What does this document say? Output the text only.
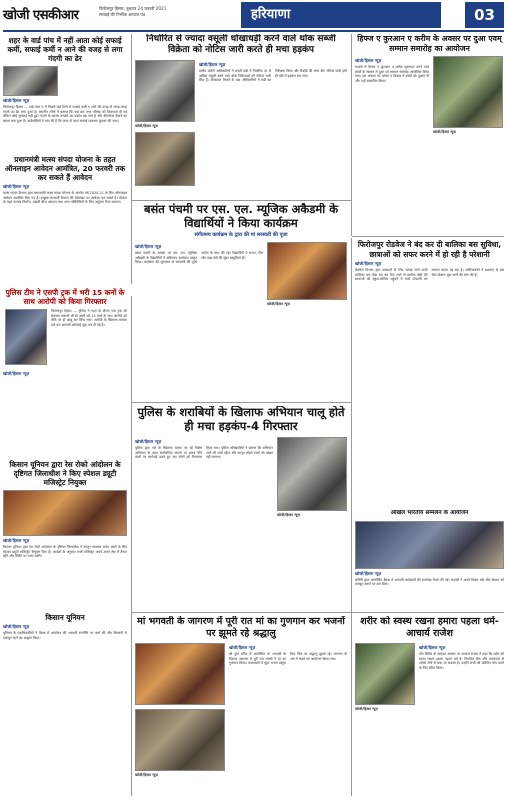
खोजी एसकीआर	फिरोजपुर हिसार, बुधवार 24 फरवरी 2021
सच्चाई की निर्भीक आवाज़ पत्र	हरियाणा	03
शहर के वार्ड पांच में नहीं आता कोई सफाई कर्मी, सफाई कर्मी न आने की वजह से लगा गंदगी का ढेर
खोजी/हिसार न्यूज़
फिरोजपुर हिसार — वार्ड नंबर 5 में पिछले कई दिनों से सफाई कर्मी न आने की वजह से जगह-जगह गंदगी का ढेर लगा हुआ है। स्थानीय लोगों ने बताया कि कई बार नगर परिषद को शिकायत दी गई लेकिन कोई सुनवाई नहीं हुई। गंदगी के कारण मच्छरों का प्रकोप बढ़ गया है और बीमारियां फैलने का खतरा बना हुआ है। वार्डवासियों ने मांग की है कि जल्द से जल्द सफाई व्यवस्था सुचारू की जाए।
प्रधानमंत्री मत्स्य संपदा योजना के तहत ऑनलाइन आवेदन आमंत्रित, 20 फरवरी तक कर सकते हैं आवेदन
खोजी/हिसार न्यूज़
मत्स्य पालन विभाग द्वारा प्रधानमंत्री मत्स्य संपदा योजना के अंतर्गत वर्ष 2020-21 के लिए ऑनलाइन आवेदन आमंत्रित किए गए हैं। इच्छुक लाभार्थी विभाग की वेबसाइट पर आवेदन कर सकते हैं। योजना के तहत तालाब निर्माण, मछली बीज उत्पादन तथा अन्य गतिविधियों के लिए अनुदान दिया जाएगा।
पुलिस टीम ने एसपी ट्रक में भरी 15 कनों के साथ आरोपी को किया गिरफ्तार
फिरोजपुर हिसार — पुलिस ने गश्त के दौरान एक ट्रक को रोककर तलाशी ली तो उसमें भरे 15 कनों के साथ आरोपी को मौके पर ही काबू कर लिया गया। आरोपी के खिलाफ मामला दर्ज कर आगामी कार्रवाई शुरू कर दी गई है।
खोजी/हिसार न्यूज़
किसान यूनियन द्वारा रेस रोको आंदोलन के दृष्टिगत जिलाधीश ने किए स्पेशल ड्यूटी मजिस्ट्रेट नियुक्त
खोजी/हिसार न्यूज़
किसान यूनियन द्वारा रेल रोको आंदोलन के दृष्टिगत जिलाधीश ने कानून व्यवस्था बनाए रखने के लिए स्पेशल ड्यूटी मजिस्ट्रेट नियुक्त किए हैं। आदेशों के अनुसार सभी मजिस्ट्रेट अपने-अपने क्षेत्र में तैनात रहेंगे और स्थिति पर नजर रखेंगे।
किसान यूनियन
खोजी/हिसार न्यूज़
यूनियन के पदाधिकारियों ने बैठक में आंदोलन की आगामी रणनीति पर चर्चा की और किसानों से एकजुट रहने का आह्वान किया।
निर्धारित से ज्यादा वसूली धोखाधड़ी करने वाले थोक सब्जी विक्रेता को नोटिस जारी करते ही मचा हड़कंप
खोजी/हिसार न्यूज़
खोजी/हिसार न्यूज़
मार्केट कमेटी अधिकारियों ने सब्जी मंडी में निर्धारित दर से अधिक वसूली करने वाले थोक विक्रेताओं को नोटिस जारी किए हैं। शिकायत मिलने के बाद अधिकारियों ने मंडी का निरीक्षण किया और रिकॉर्ड की जांच की। नोटिस जारी होते ही मंडी में हड़कंप मच गया।
हिफ्ज ए कुरआन ए करीम के अवसर पर दुआ एवम् सम्मान समारोह का आयोजन
खोजी/हिसार न्यूज़
खोजी/हिसार न्यूज़
मदरसे में हिफ्ज ए कुरआन ए करीम मुकम्मल करने वाले बच्चों के सम्मान में दुआ एवं सम्मान समारोह आयोजित किया गया। इस अवसर पर उलेमा ए किराम ने बच्चों को दुआएं दीं और उन्हें सम्मानित किया।
बसंत पंचमी पर एस. एल. म्यूजिक अकैडमी के विद्यार्थियों ने किया कार्यक्रम
संगीतमय कार्यक्रम के द्वारा की मां सरस्वती की पूजा
खोजी/हिसार न्यूज़
बसंत पंचमी के अवसर पर एस. एल. म्यूजिक अकैडमी के विद्यार्थियों ने संगीतमय कार्यक्रम प्रस्तुत किया। कार्यक्रम की शुरुआत मां सरस्वती की पूजा अर्चना के साथ की गई। विद्यार्थियों ने भजन, गीत और वाद्य यंत्रों की सुंदर प्रस्तुतियां दीं।
खोजी/हिसार न्यूज़
फिरोजपुर रोडवेज ने बंद कर दी बालिका बस सुविधा, छात्राओं को सफर करने में हो रही है परेशानी
खोजी/हिसार न्यूज़
रोडवेज विभाग द्वारा छात्राओं के लिए चलाई जाने वाली बालिका बस सेवा बंद कर दिए जाने से ग्रामीण क्षेत्रों की छात्राओं को स्कूल-कॉलेज पहुंचने में भारी परेशानी का सामना करना पड़ रहा है। अभिभावकों ने प्रशासन से बस सेवा दोबारा शुरू करने की मांग की है।
अखिल भारतीय सम्मेलन के आयोजन
खोजी/हिसार न्यूज़
समिति द्वारा आयोजित बैठक में आगामी कार्यक्रमों की रूपरेखा तैयार की गई। सदस्यों ने अपने विचार रखे और संगठन को मजबूत बनाने पर बल दिया।
पुलिस के शराबियों के खिलाफ अभियान चालू होते ही मचा हड़कंप-4 गिरफ्तार
खोजी/हिसार न्यूज़
पुलिस द्वारा नशे के खिलाफ चलाए जा रहे विशेष अभियान के तहत सार्वजनिक स्थानों पर शराब पीने वालों पर कार्रवाई करते हुए चार लोगों को गिरफ्तार किया गया। पुलिस अधिकारियों ने बताया कि अभियान आगे भी जारी रहेगा और कानून तोड़ने वालों को बख्शा नहीं जाएगा।
खोजी/हिसार न्यूज़
मां भगवती के जागरण में पूरी रात मां का गुणगान कर भजनों पर झूमते रहे श्रद्धालु
खोजी/हिसार न्यूज़
खोजी/हिसार न्यूज़
श्री दुर्गा मंदिर में आयोजित मां भगवती के विशाल जागरण में पूरी रात भक्तों ने मां का गुणगान किया। कलाकारों ने सुंदर भजन प्रस्तुत किए जिन पर श्रद्धालु झूमते रहे। जागरण के अंत में भंडारे का आयोजन किया गया।
शरीर को स्वस्थ रखना हमारा पहला धर्म-आचार्य राजेश
खोजी/हिसार न्यूज़
खोजी/हिसार न्यूज़
योग शिविर के समापन अवसर पर आचार्य राजेश ने कहा कि शरीर को स्वस्थ रखना हमारा पहला धर्म है। नियमित योग और प्राणायाम से अनेक रोगों से बचा जा सकता है। उन्होंने सभी को प्रतिदिन योग करने के लिए प्रेरित किया।
